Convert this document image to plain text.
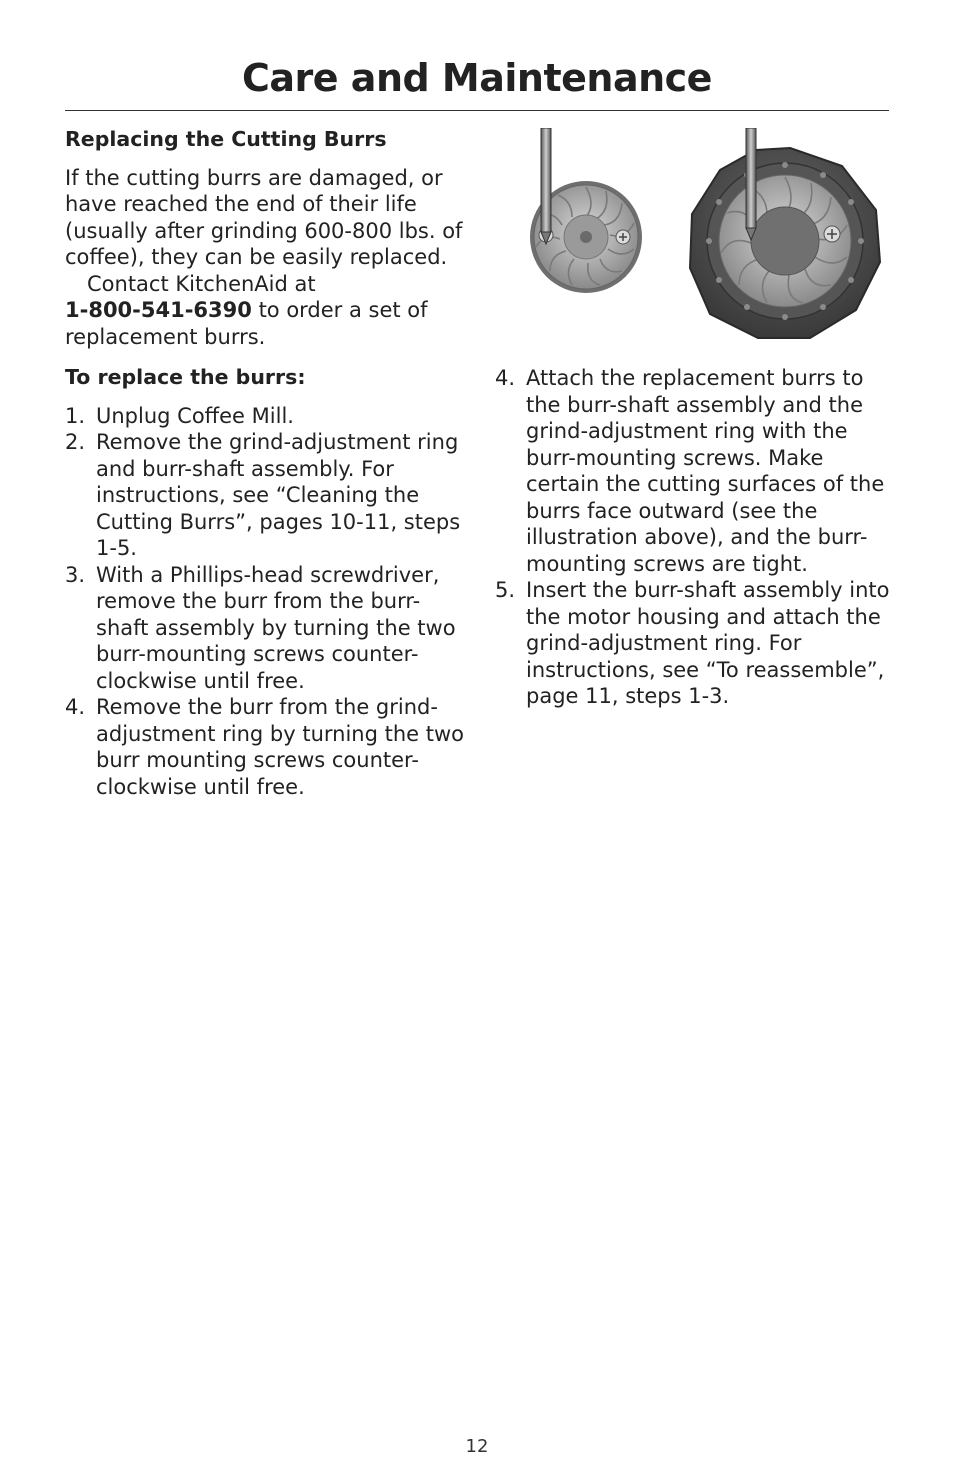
Care and Maintenance
Replacing the Cutting Burrs

If the cutting burrs are damaged, or have reached the end of their life (usually after grinding 600-800 lbs. of coffee), they can be easily replaced.

Contact KitchenAid at
1-800-541-6390 to order a set of replacement burrs.

To replace the burrs:
1. Unplug Coffee Mill.
2. Remove the grind-adjustment ring and burr-shaft assembly. For instructions, see “Cleaning the Cutting Burrs”, pages 10-11, steps 1-5.
3. With a Phillips-head screwdriver, remove the burr from the burr-shaft assembly by turning the two burr-mounting screws counter-clockwise until free.
4. Remove the burr from the grind-adjustment ring by turning the two burr mounting screws counter-clockwise until free.
4. Attach the replacement burrs to the burr-shaft assembly and the grind-adjustment ring with the burr-mounting screws. Make certain the cutting surfaces of the burrs face outward (see the illustration above), and the burr-mounting screws are tight.
5. Insert the burr-shaft assembly into the motor housing and attach the grind-adjustment ring. For instructions, see “To reassemble”, page 11, steps 1-3.
12
